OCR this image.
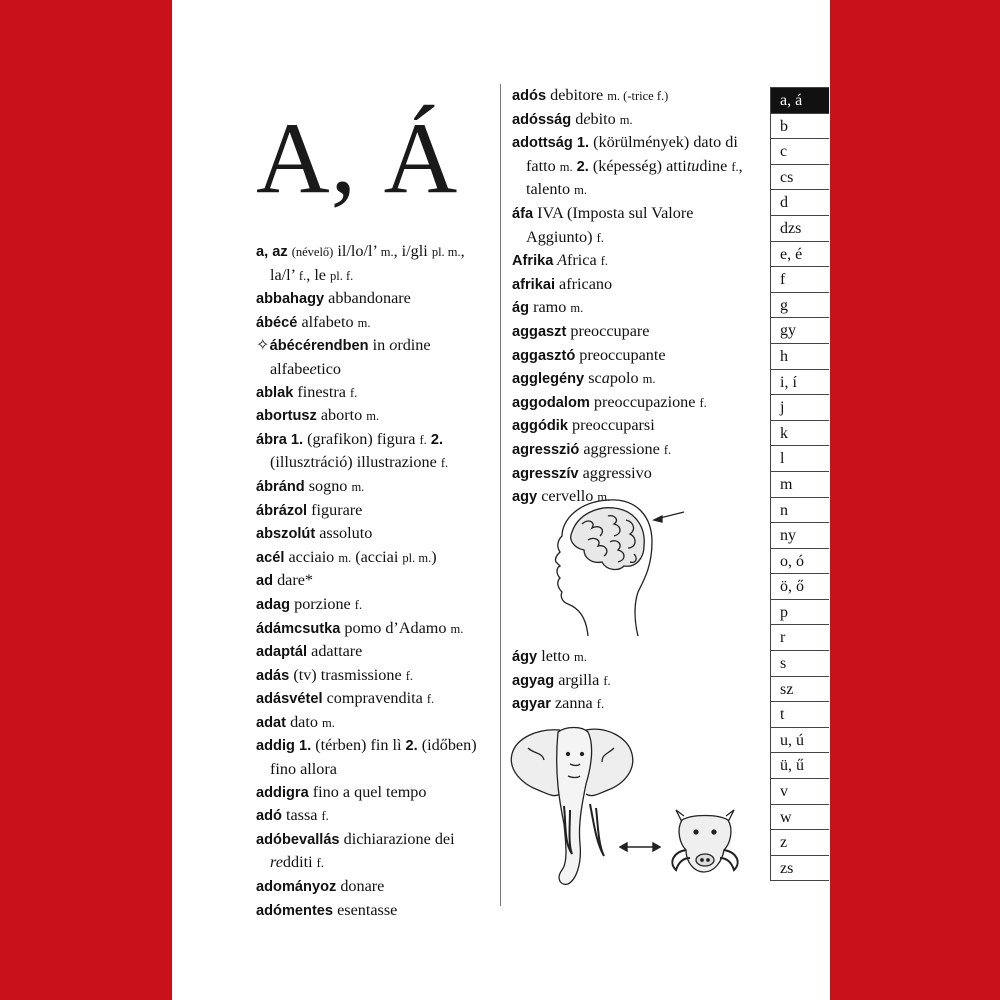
A, Á
a, az (névelő) il/lo/l’ m., i/gli pl. m., la/l’ f., le pl. f.
abbahagy abbandonare
ábécé alfabeto m.
✧ábécérendben in ordine alfabeetico
ablak finestra f.
abortusz aborto m.
ábra 1. (grafikon) figura f. 2. (illusztráció) illustrazione f.
ábránd sogno m.
ábrázol figurare
abszolút assoluto
acél acciaio m. (acciai pl. m.)
ad dare*
adag porzione f.
ádámcsutka pomo d’Adamo m.
adaptál adattare
adás (tv) trasmissione f.
adásvétel compravendita f.
adat dato m.
addig 1. (térben) fin lì 2. (időben) fino allora
addigra fino a quel tempo
adó tassa f.
adóbevallás dichiarazione dei redditi f.
adományoz donare
adómentes esentasse
adós debitore m. (-trice f.)
adósság debito m.
adottság 1. (körülmények) dato di fatto m. 2. (képesség) attitudine f., talento m.
áfa IVA (Imposta sul Valore Aggiunto) f.
Afrika Africa f.
afrikai africano
ág ramo m.
aggaszt preoccupare
aggasztó preoccupante
agglegény scapolo m.
aggodalom preoccupazione f.
aggódik preoccuparsi
agresszió aggressione f.
agresszív aggressivo
agy cervello m.
ágy letto m.
agyag argilla f.
agyar zanna f.
a, á
b
c
cs
d
dzs
e, é
f
g
gy
h
i, í
j
k
l
m
n
ny
o, ó
ö, ő
p
r
s
sz
t
u, ú
ü, ű
v
w
z
zs
